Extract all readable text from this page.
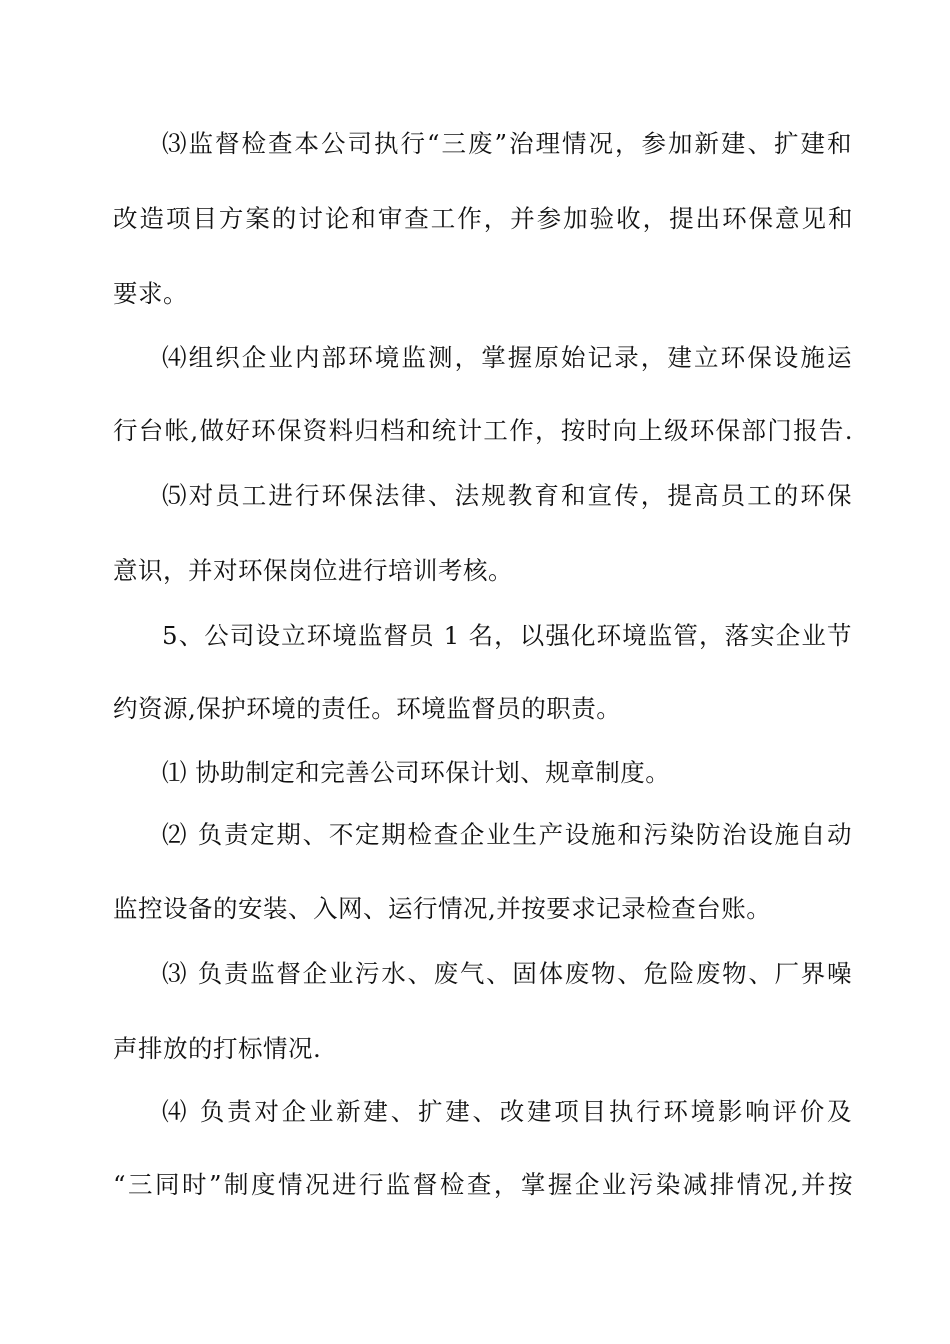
⑶监督检查本公司执行“三废”治理情况，参加新建、扩建和
改造项目方案的讨论和审查工作，并参加验收，提出环保意见和
要求。
⑷组织企业内部环境监测，掌握原始记录，建立环保设施运
行台帐,做好环保资料归档和统计工作，按时向上级环保部门报告.
⑸对员工进行环保法律、法规教育和宣传，提高员工的环保
意识，并对环保岗位进行培训考核。
5、公司设立环境监督员 1 名，以强化环境监管，落实企业节
约资源,保护环境的责任。环境监督员的职责。
⑴ 协助制定和完善公司环保计划、规章制度。
⑵ 负责定期、不定期检查企业生产设施和污染防治设施自动
监控设备的安装、入网、运行情况,并按要求记录检查台账。
⑶ 负责监督企业污水、废气、固体废物、危险废物、厂界噪
声排放的打标情况.
⑷ 负责对企业新建、扩建、改建项目执行环境影响评价及
“三同时”制度情况进行监督检查，掌握企业污染减排情况,并按
